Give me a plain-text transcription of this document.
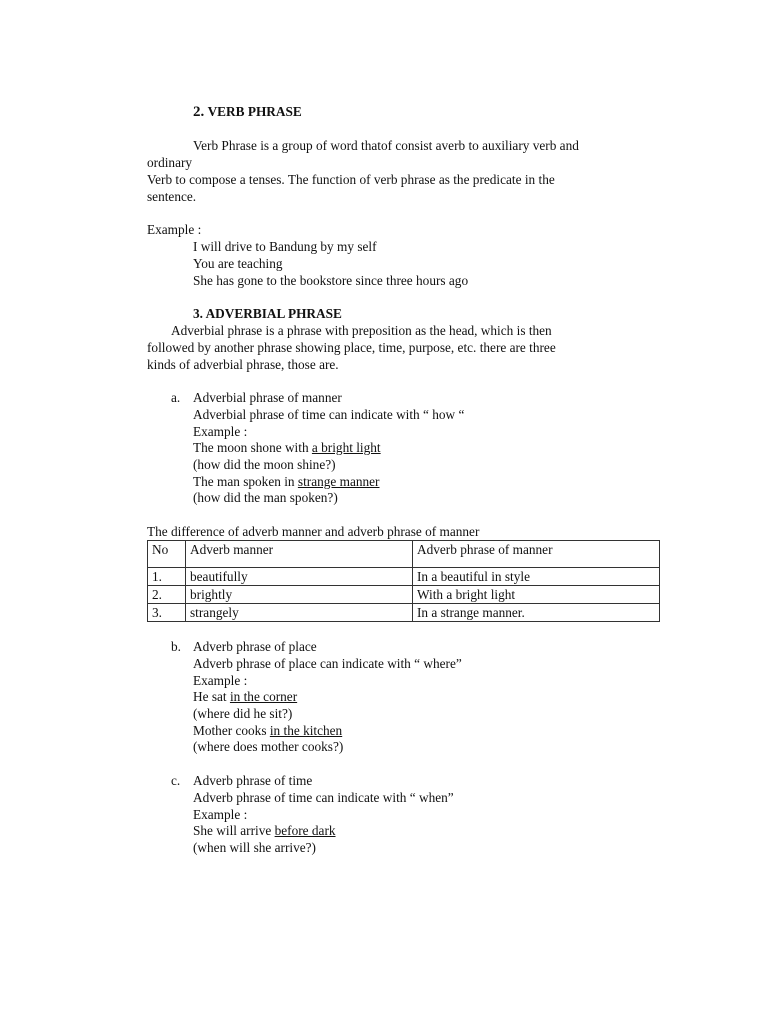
2. VERB PHRASE
Verb Phrase is a group of word thatof consist averb to auxiliary verb and
ordinary
Verb to compose a tenses. The function of verb phrase as the predicate in the
sentence.
Example :
I will drive to Bandung by my self
You are teaching
She has gone to the bookstore since three hours ago
3. ADVERBIAL PHRASE
Adverbial phrase is a phrase with preposition as the head, which is then
followed by another phrase showing place, time, purpose, etc. there are three
kinds of adverbial phrase, those are.
a. Adverbial phrase of manner
Adverbial phrase of time can indicate with “ how “
Example :
The moon shone with a bright light
(how did the moon shine?)
The man spoken in strange manner
(how did the man spoken?)
The difference of adverb manner and adverb phrase of manner
No	Adverb manner	Adverb phrase of manner
1.	beautifully	In a beautiful in style
2.	brightly	With a bright light
3.	strangely	In a strange manner.
b. Adverb phrase of place
Adverb phrase of place can indicate with “ where”
Example :
He sat in the corner
(where did he sit?)
Mother cooks in the kitchen
(where does mother cooks?)
c. Adverb phrase of time
Adverb phrase of time can indicate with “ when”
Example :
She will arrive before dark
(when will she arrive?)
